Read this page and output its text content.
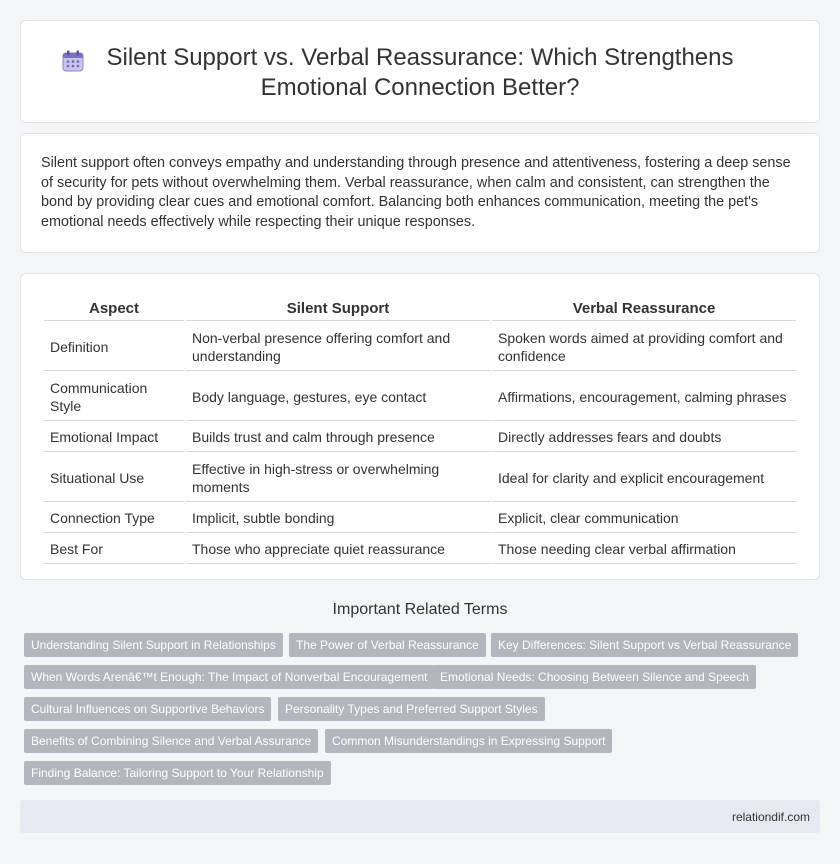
Silent Support vs. Verbal Reassurance: Which Strengthens
Emotional Connection Better?

Silent support often conveys empathy and understanding through presence and attentiveness, fostering a deep sense of security for pets without overwhelming them. Verbal reassurance, when calm and consistent, can strengthen the bond by providing clear cues and emotional comfort. Balancing both enhances communication, meeting the pet's emotional needs effectively while respecting their unique responses.

Aspect	Silent Support	Verbal Reassurance
Definition	Non-verbal presence offering comfort and understanding	Spoken words aimed at providing comfort and confidence
Communication Style	Body language, gestures, eye contact	Affirmations, encouragement, calming phrases
Emotional Impact	Builds trust and calm through presence	Directly addresses fears and doubts
Situational Use	Effective in high-stress or overwhelming moments	Ideal for clarity and explicit encouragement
Connection Type	Implicit, subtle bonding	Explicit, clear communication
Best For	Those who appreciate quiet reassurance	Those needing clear verbal affirmation
Important Related Terms
Understanding Silent Support in Relationships	The Power of Verbal Reassurance	Key Differences: Silent Support vs Verbal Reassurance
When Words Arenâ€™t Enough: The Impact of Nonverbal Encouragement	Emotional Needs: Choosing Between Silence and Speech
Cultural Influences on Supportive Behaviors	Personality Types and Preferred Support Styles
Benefits of Combining Silence and Verbal Assurance	Common Misunderstandings in Expressing Support
Finding Balance: Tailoring Support to Your Relationship
relationdif.com
